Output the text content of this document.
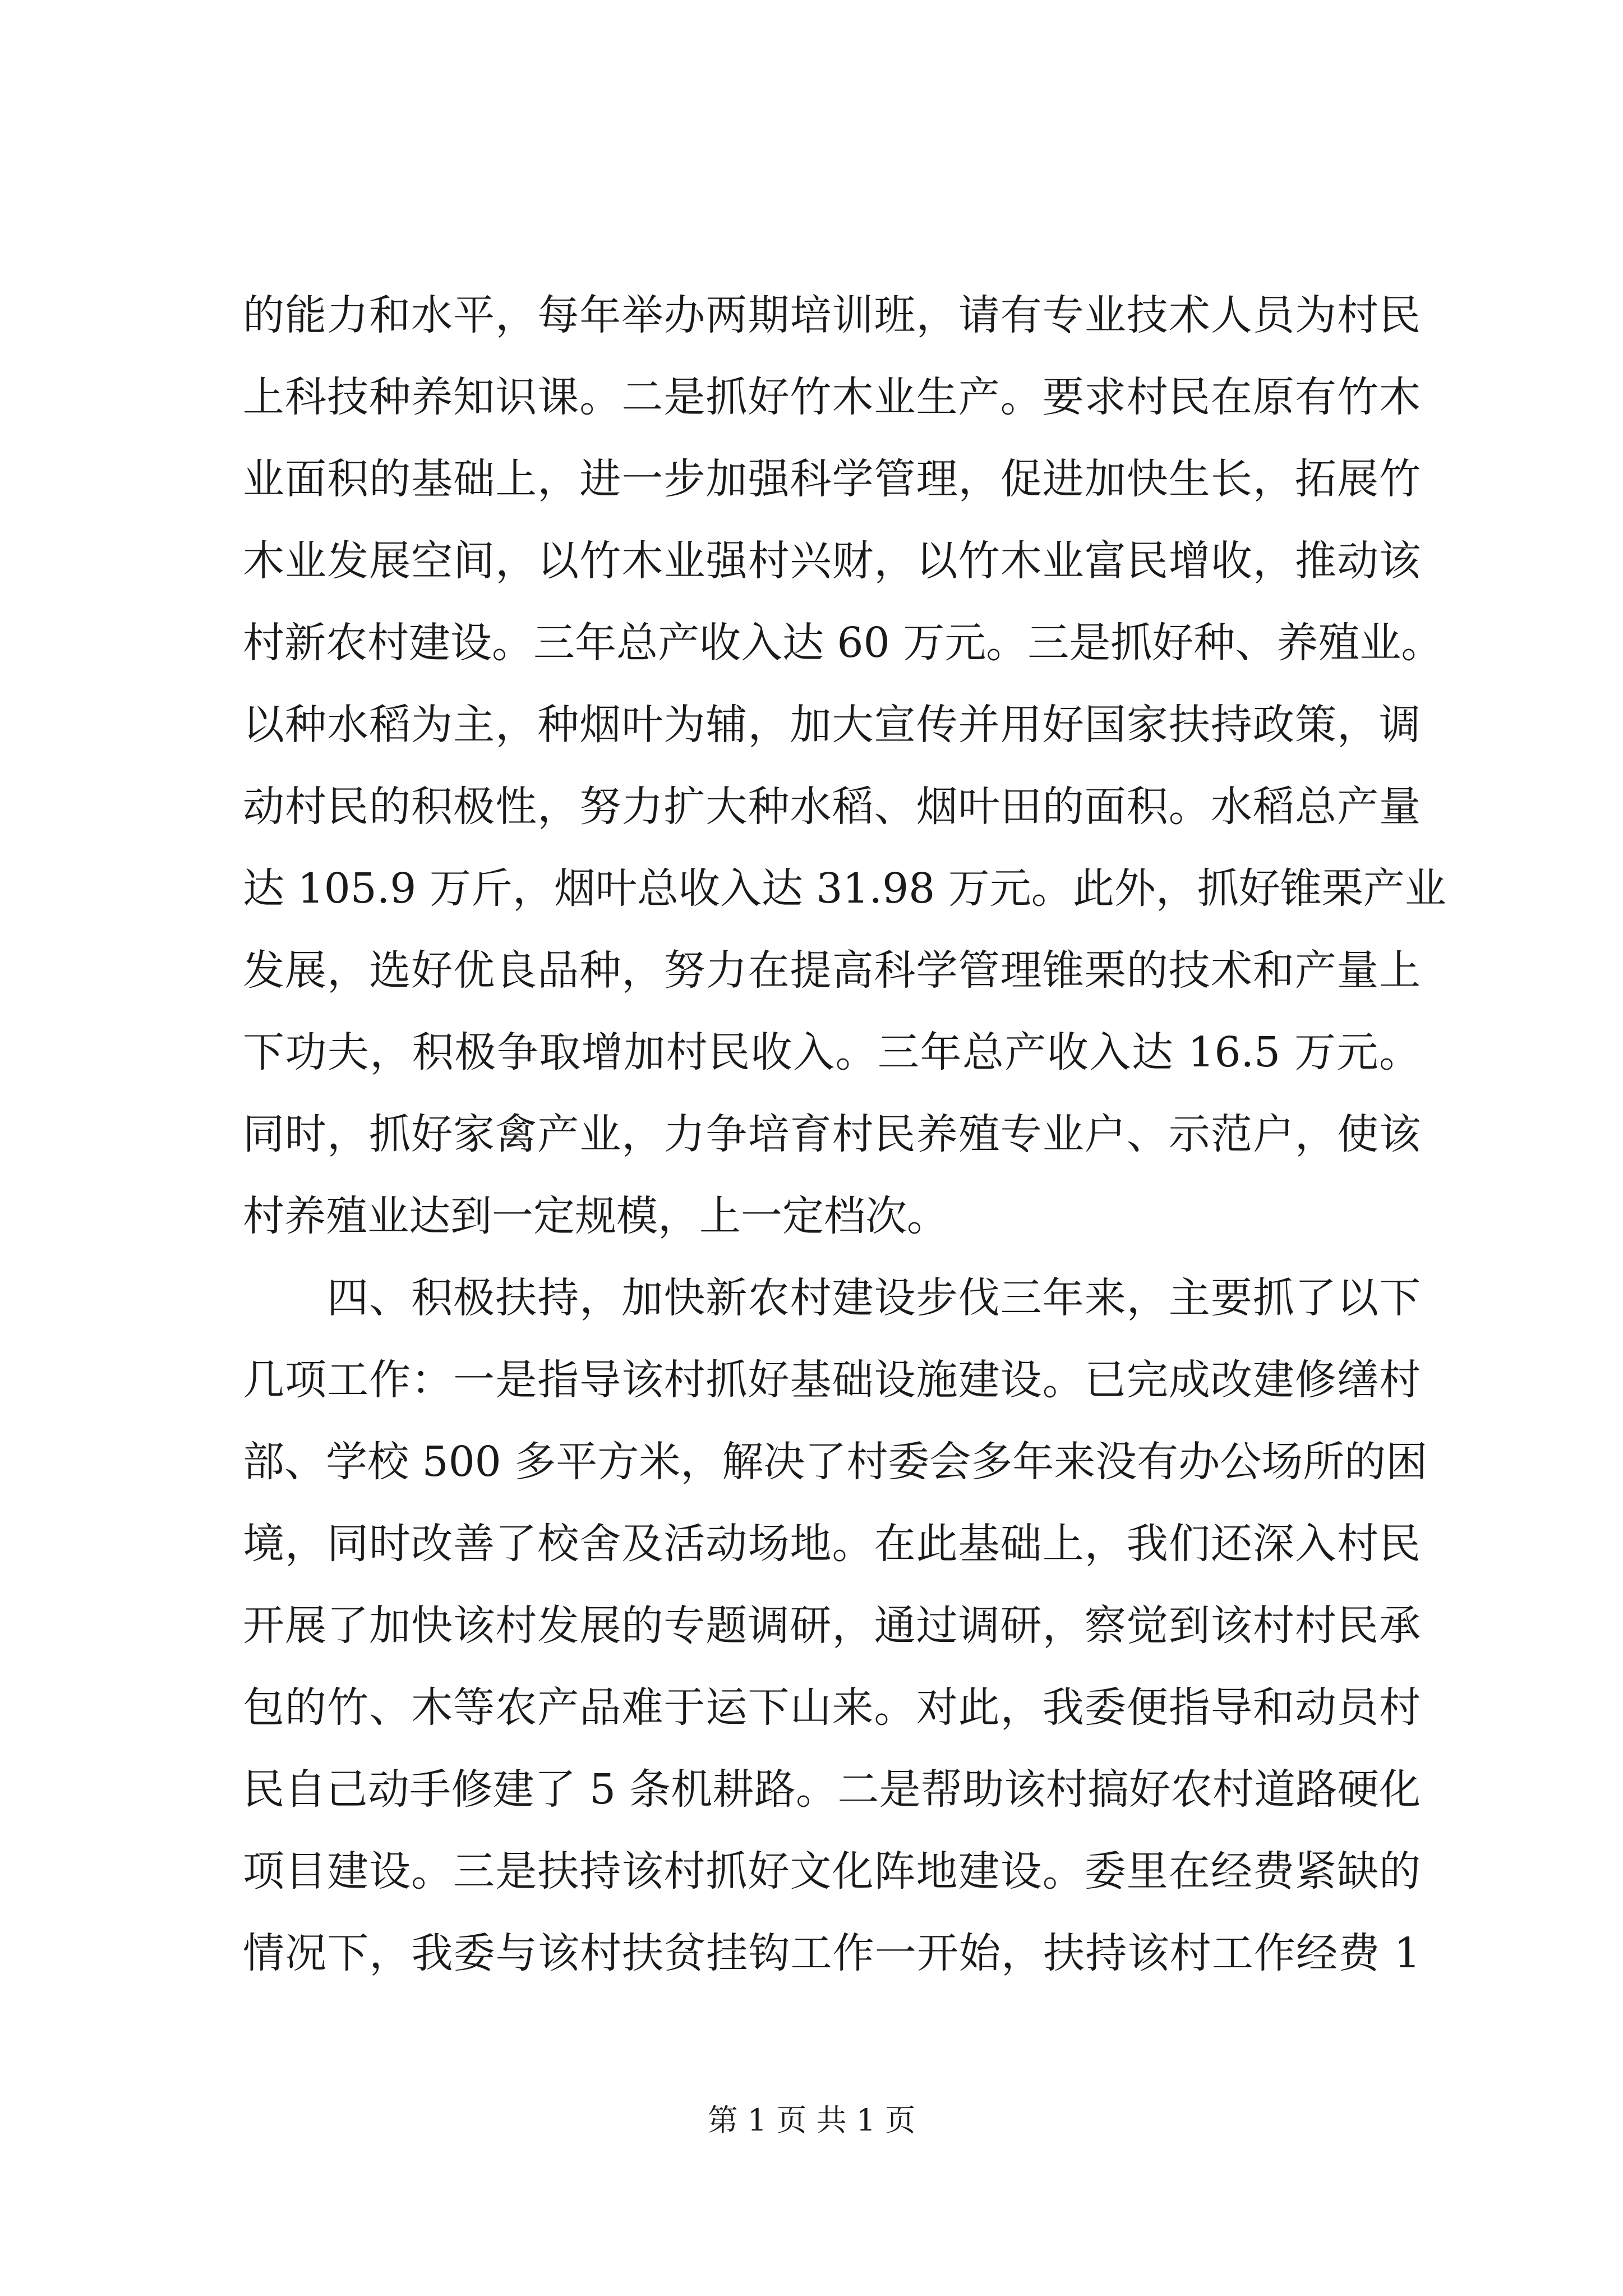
的能力和水平，每年举办两期培训班，请有专业技术人员为村民
上科技种养知识课。二是抓好竹木业生产。要求村民在原有竹木
业面积的基础上，进一步加强科学管理，促进加快生长，拓展竹
木业发展空间，以竹木业强村兴财，以竹木业富民增收，推动该
村新农村建设。三年总产收入达 60 万元。三是抓好种、养殖业。
以种水稻为主，种烟叶为辅，加大宣传并用好国家扶持政策，调
动村民的积极性，努力扩大种水稻、烟叶田的面积。水稻总产量
达 105.9 万斤，烟叶总收入达 31.98 万元。此外，抓好锥栗产业
发展，选好优良品种，努力在提高科学管理锥栗的技术和产量上
下功夫，积极争取增加村民收入。三年总产收入达 16.5 万元。
同时，抓好家禽产业，力争培育村民养殖专业户、示范户，使该
村养殖业达到一定规模，上一定档次。
四、积极扶持，加快新农村建设步伐三年来，主要抓了以下
几项工作：一是指导该村抓好基础设施建设。已完成改建修缮村
部、学校 500 多平方米，解决了村委会多年来没有办公场所的困
境，同时改善了校舍及活动场地。在此基础上，我们还深入村民
开展了加快该村发展的专题调研，通过调研，察觉到该村村民承
包的竹、木等农产品难于运下山来。对此，我委便指导和动员村
民自己动手修建了 5 条机耕路。二是帮助该村搞好农村道路硬化
项目建设。三是扶持该村抓好文化阵地建设。委里在经费紧缺的
情况下，我委与该村扶贫挂钩工作一开始，扶持该村工作经费 1
第 1 页 共 1 页
